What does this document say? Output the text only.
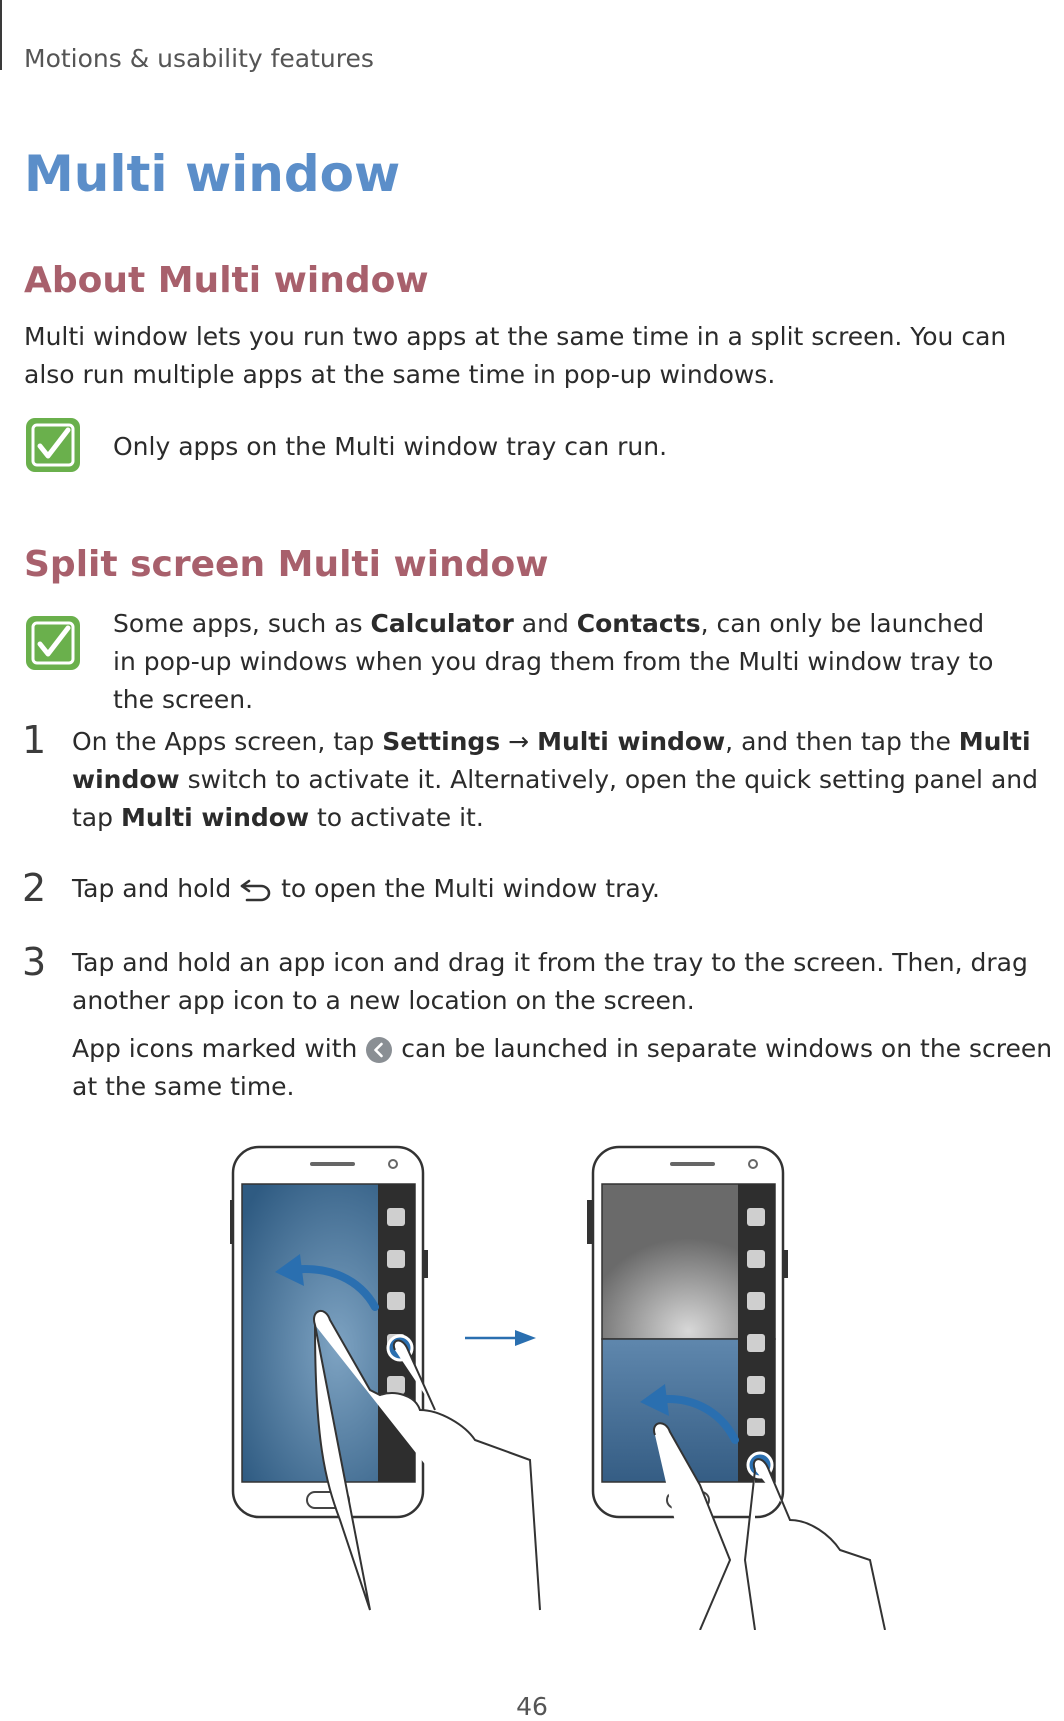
Motions & usability features
Multi window
About Multi window
Multi window lets you run two apps at the same time in a split screen. You can also run multiple apps at the same time in pop-up windows.
Only apps on the Multi window tray can run.
Split screen Multi window
Some apps, such as Calculator and Contacts, can only be launched in pop-up windows when you drag them from the Multi window tray to the screen.
1	On the Apps screen, tap Settings → Multi window, and then tap the Multi window switch to activate it. Alternatively, open the quick setting panel and tap Multi window to activate it.
2	Tap and hold  to open the Multi window tray.
3	Tap and hold an app icon and drag it from the tray to the screen. Then, drag another app icon to a new location on the screen.
App icons marked with  can be launched in separate windows on the screen at the same time.
46
